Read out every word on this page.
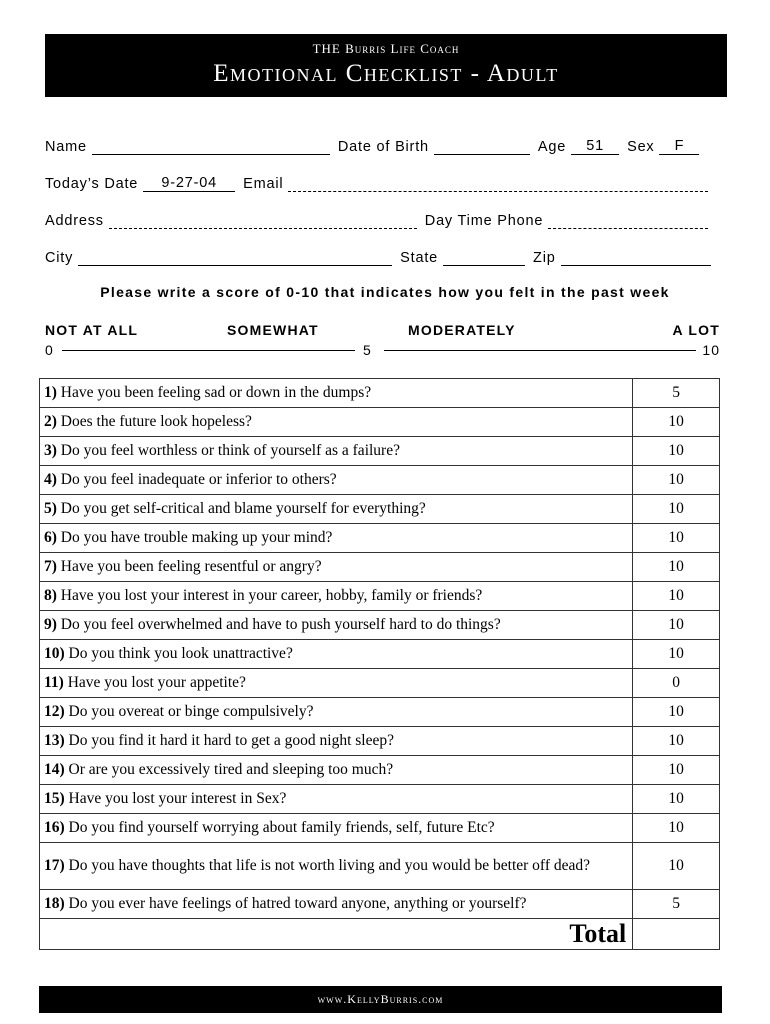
THE Burris Life Coach
Emotional Checklist - Adult
Name	Date of Birth	Age	51	Sex	F
Today’s Date	9-27-04	Email
Address	Day Time Phone
City	State	Zip
Please write a score of 0-10 that indicates how you felt in the past week
NOT AT ALL	SOMEWHAT	MODERATELY	A LOT
0	5	10
1) Have you been feeling sad or down in the dumps?	5
2) Does the future look hopeless?	10
3) Do you feel worthless or think of yourself as a failure?	10
4) Do you feel inadequate or inferior to others?	10
5) Do you get self-critical and blame yourself for everything?	10
6) Do you have trouble making up your mind?	10
7) Have you been feeling resentful or angry?	10
8) Have you lost your interest in your career, hobby, family or friends?	10
9) Do you feel overwhelmed and have to push yourself hard to do things?	10
10) Do you think you look unattractive?	10
11) Have you lost your appetite?	0
12) Do you overeat or binge compulsively?	10
13) Do you find it hard it hard to get a good night sleep?	10
14) Or are you excessively tired and sleeping too much?	10
15) Have you lost your interest in Sex?	10
16) Do you find yourself worrying about family friends, self, future Etc?	10
17) Do you have thoughts that life is not worth living and you would be better off dead?	10
18) Do you ever have feelings of hatred toward anyone, anything or yourself?	5
Total	
www.KellyBurris.com
